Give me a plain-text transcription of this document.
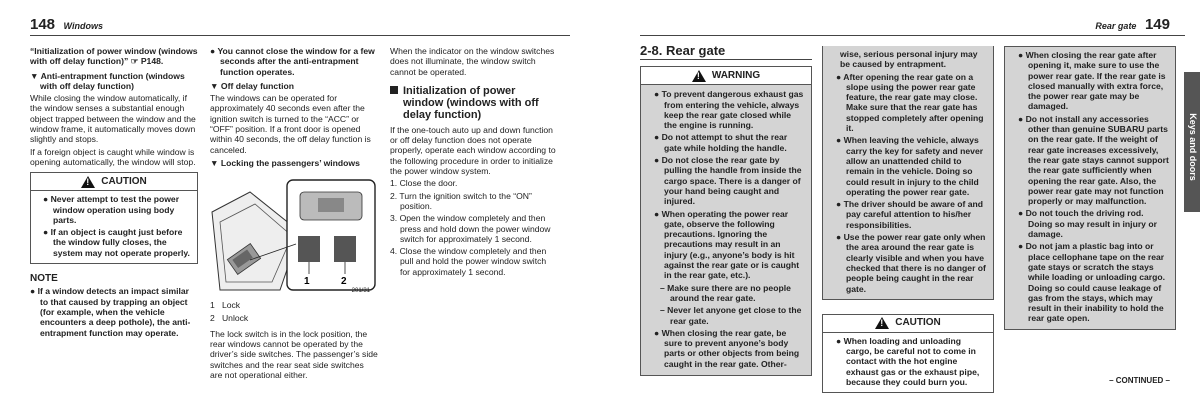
148 Windows

“Initialization of power window (windows with off delay function)” ☞ P148.

▼ Anti-entrapment function (windows with off delay function)

While closing the window automatically, if the window senses a substantial enough object trapped between the window and the window frame, it automatically moves down slightly and stops.

If a foreign object is caught while window is opening automatically, the window will stop.

!
CAUTION

● Never attempt to test the power window operation using body parts.

● If an object is caught just before the window fully closes, the system may not operate properly.

NOTE

● If a window detects an impact similar to that caused by trapping an object (for example, when the vehicle encounters a deep pothole), the anti-entrapment function may operate.

● You cannot close the window for a few seconds after the anti-entrapment function operates.

▼ Off delay function

The windows can be operated for approximately 40 seconds even after the ignition switch is turned to the “ACC” or “OFF” position. If a front door is opened within 40 seconds, the off delay function is canceled.

▼ Locking the passengers’ windows

1	2
201/31

1 Lock

2 Unlock

The lock switch is in the lock position, the rear windows cannot be operated by the driver’s side switches. The passenger’s side switches and the rear seat side switches are not operational either.

When the indicator on the window switches does not illuminate, the window switch cannot be operated.

Initialization of power window (windows with off delay function)

If the one-touch auto up and down function or off delay function does not operate properly, operate each window according to the following procedure in order to initialize the power window system.

1. Close the door.

2. Turn the ignition switch to the “ON” position.

3. Open the window completely and then press and hold down the power window switch for approximately 1 second.

4. Close the window completely and then pull and hold the power window switch for approximately 1 second.

Rear gate 149
Keys and doors

2-8. Rear gate

!
WARNING

● To prevent dangerous exhaust gas from entering the vehicle, always keep the rear gate closed while the engine is running.

● Do not attempt to shut the rear gate while holding the handle.

● Do not close the rear gate by pulling the handle from inside the cargo space. There is a danger of your hand being caught and injured.

● When operating the power rear gate, observe the following precautions. Ignoring the precautions may result in an injury (e.g., anyone’s body is hit against the rear gate or is caught in the rear gate, etc.).

– Make sure there are no people around the rear gate.

– Never let anyone get close to the rear gate.

● When closing the rear gate, be sure to prevent anyone’s body parts or other objects from being caught in the rear gate. Other-

wise, serious personal injury may be caused by entrapment.

● After opening the rear gate on a slope using the power rear gate feature, the rear gate may close. Make sure that the rear gate has stopped completely after opening it.

● When leaving the vehicle, always carry the key for safety and never allow an unattended child to remain in the vehicle. Doing so could result in injury to the child operating the power rear gate.

● The driver should be aware of and pay careful attention to his/her responsibilities.

● Use the power rear gate only when the area around the rear gate is clearly visible and when you have checked that there is no danger of people being caught in the rear gate.

!
CAUTION

● When loading and unloading cargo, be careful not to come in contact with the hot engine exhaust gas or the exhaust pipe, because they could burn you.

● When closing the rear gate after opening it, make sure to use the power rear gate. If the rear gate is closed manually with extra force, the power rear gate may be damaged.

● Do not install any accessories other than genuine SUBARU parts on the rear gate. If the weight of rear gate increases excessively, the rear gate stays cannot support the rear gate sufficiently when opening the rear gate. Also, the power rear gate may not function properly or may malfunction.

● Do not touch the driving rod. Doing so may result in injury or damage.

● Do not jam a plastic bag into or place cellophane tape on the rear gate stays or scratch the stays while loading or unloading cargo. Doing so could cause leakage of gas from the stays, which may result in their inability to hold the rear gate open.

– CONTINUED –
